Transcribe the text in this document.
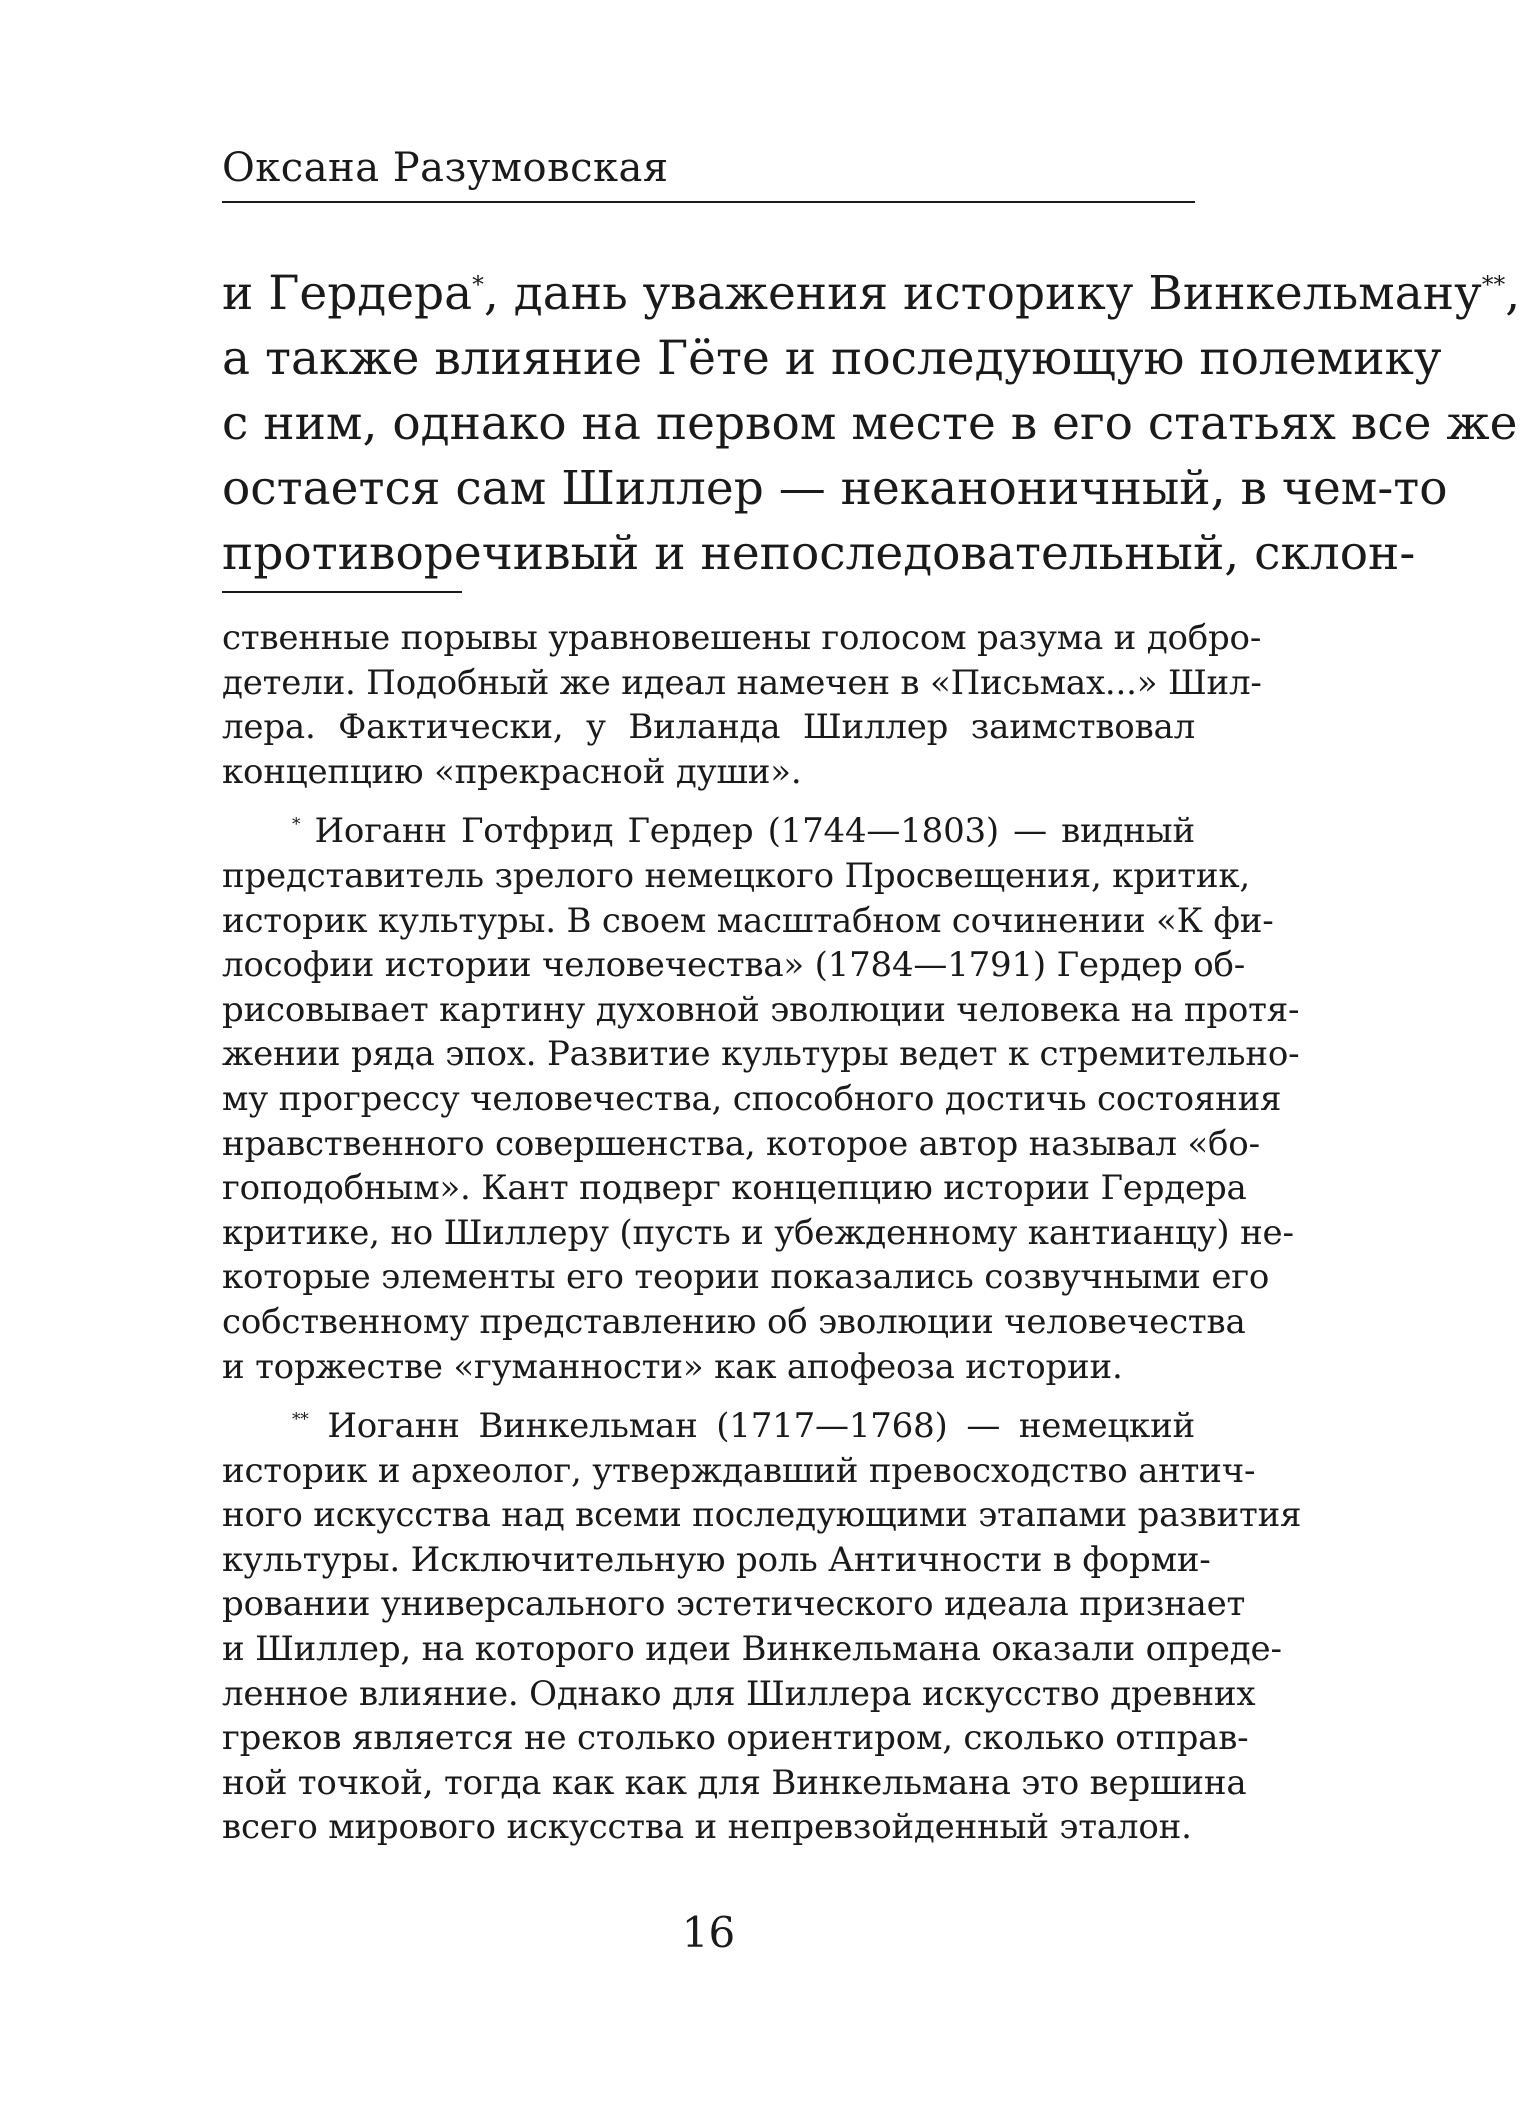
Оксана Разумовская
и Гердера*, дань уважения историку Винкельману**,
а также влияние Гёте и последующую полемику
с ним, однако на первом месте в его статьях все же
остается сам Шиллер — неканоничный, в чем-то
противоречивый и непоследовательный, склон-
ственные порывы уравновешены голосом разума и добро-
детели. Подобный же идеал намечен в «Письмах...» Шил-
лера. Фактически, у Виланда Шиллер заимствовал
концепцию «прекрасной души».
* Иоганн Готфрид Гердер (1744—1803) — видный
представитель зрелого немецкого Просвещения, критик,
историк культуры. В своем масштабном сочинении «К фи-
лософии истории человечества» (1784—1791) Гердер об-
рисовывает картину духовной эволюции человека на протя-
жении ряда эпох. Развитие культуры ведет к стремительно-
му прогрессу человечества, способного достичь состояния
нравственного совершенства, которое автор называл «бо-
гоподобным». Кант подверг концепцию истории Гердера
критике, но Шиллеру (пусть и убежденному кантианцу) не-
которые элементы его теории показались созвучными его
собственному представлению об эволюции человечества
и торжестве «гуманности» как апофеоза истории.
** Иоганн Винкельман (1717—1768) — немецкий
историк и археолог, утверждавший превосходство антич-
ного искусства над всеми последующими этапами развития
культуры. Исключительную роль Античности в форми-
ровании универсального эстетического идеала признает
и Шиллер, на которого идеи Винкельмана оказали опреде-
ленное влияние. Однако для Шиллера искусство древних
греков является не столько ориентиром, сколько отправ-
ной точкой, тогда как как для Винкельмана это вершина
всего мирового искусства и непревзойденный эталон.
16
